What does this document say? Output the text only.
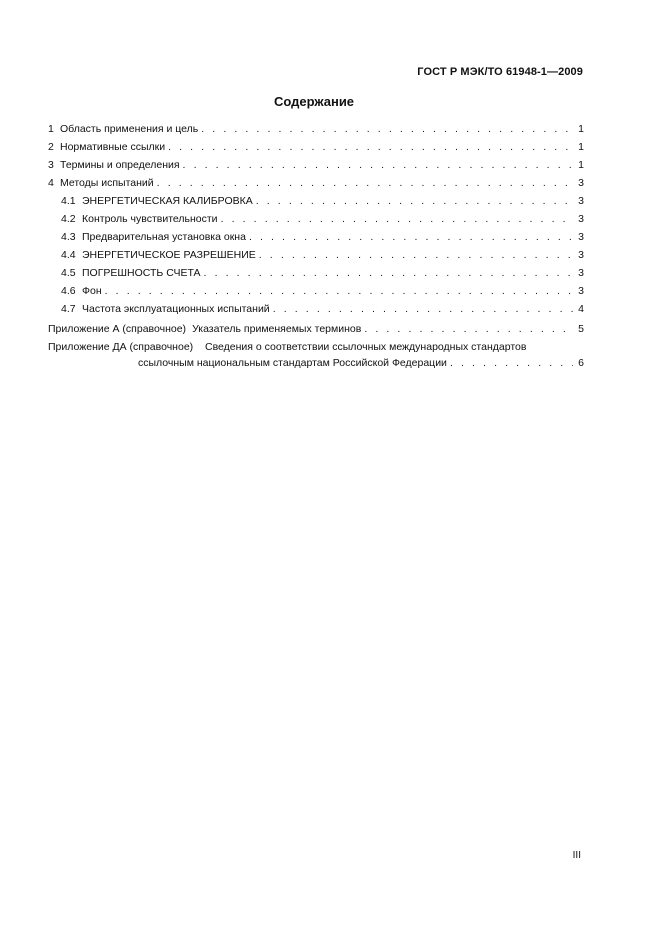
ГОСТ Р МЭК/ТО 61948-1—2009
Содержание
1 Область применения и цель . . .	1
2 Нормативные ссылки . . .	1
3 Термины и определения . . .	1
4 Методы испытаний . . .	3
4.1 ЭНЕРГЕТИЧЕСКАЯ КАЛИБРОВКА . . .	3
4.2 Контроль чувствительности . . .	3
4.3 Предварительная установка окна . . .	3
4.4 ЭНЕРГЕТИЧЕСКОЕ РАЗРЕШЕНИЕ . . .	3
4.5 ПОГРЕШНОСТЬ СЧЕТА . . .	3
4.6 Фон . . .	3
4.7 Частота эксплуатационных испытаний . . .	4
Приложение А (справочное) Указатель применяемых терминов . . .	5
Приложение ДА (справочное) Сведения о соответствии ссылочных международных стандартов
ссылочным национальным стандартам Российской Федерации . . .	6
III
